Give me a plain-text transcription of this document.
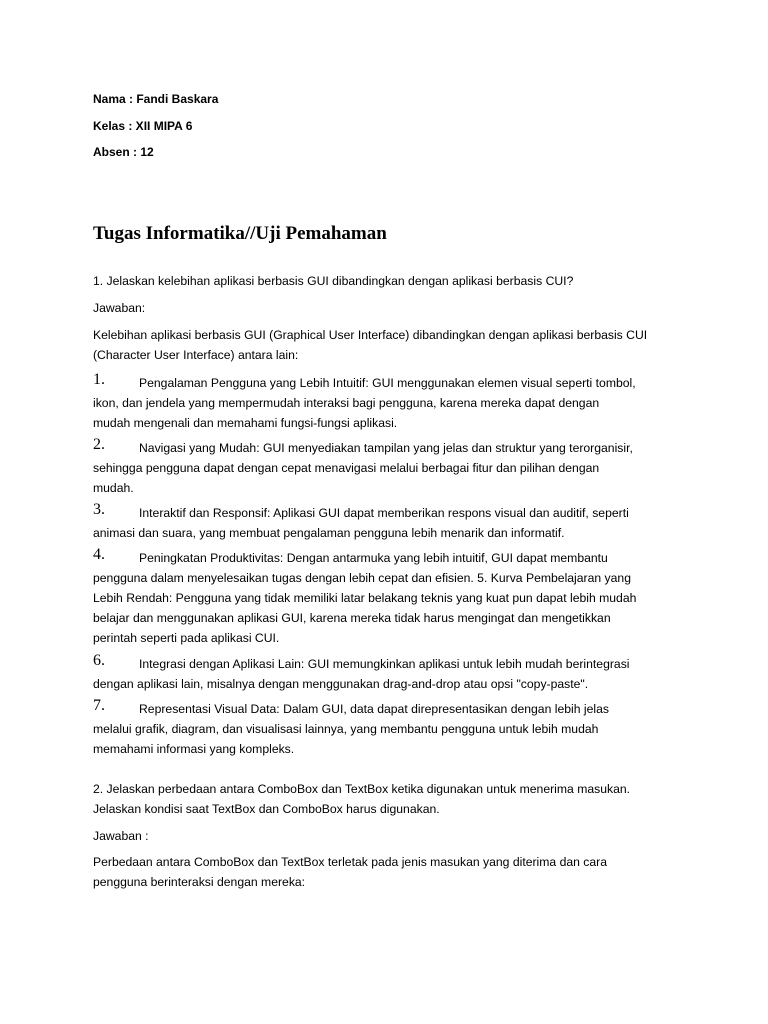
Nama : Fandi Baskara
Kelas : XII MIPA 6
Absen : 12
Tugas Informatika//Uji Pemahaman
1. Jelaskan kelebihan aplikasi berbasis GUI dibandingkan dengan aplikasi berbasis CUI?
Jawaban:
Kelebihan aplikasi berbasis GUI (Graphical User Interface) dibandingkan dengan aplikasi berbasis CUI
(Character User Interface) antara lain:
1.	Pengalaman Pengguna yang Lebih Intuitif: GUI menggunakan elemen visual seperti tombol,
ikon, dan jendela yang mempermudah interaksi bagi pengguna, karena mereka dapat dengan
mudah mengenali dan memahami fungsi-fungsi aplikasi.
2.	Navigasi yang Mudah: GUI menyediakan tampilan yang jelas dan struktur yang terorganisir,
sehingga pengguna dapat dengan cepat menavigasi melalui berbagai fitur dan pilihan dengan
mudah.
3.	Interaktif dan Responsif: Aplikasi GUI dapat memberikan respons visual dan auditif, seperti
animasi dan suara, yang membuat pengalaman pengguna lebih menarik dan informatif.
4.	Peningkatan Produktivitas: Dengan antarmuka yang lebih intuitif, GUI dapat membantu
pengguna dalam menyelesaikan tugas dengan lebih cepat dan efisien. 5. Kurva Pembelajaran yang
Lebih Rendah: Pengguna yang tidak memiliki latar belakang teknis yang kuat pun dapat lebih mudah
belajar dan menggunakan aplikasi GUI, karena mereka tidak harus mengingat dan mengetikkan
perintah seperti pada aplikasi CUI.
6.	Integrasi dengan Aplikasi Lain: GUI memungkinkan aplikasi untuk lebih mudah berintegrasi
dengan aplikasi lain, misalnya dengan menggunakan drag-and-drop atau opsi "copy-paste".
7.	Representasi Visual Data: Dalam GUI, data dapat direpresentasikan dengan lebih jelas
melalui grafik, diagram, dan visualisasi lainnya, yang membantu pengguna untuk lebih mudah
memahami informasi yang kompleks.
2. Jelaskan perbedaan antara ComboBox dan TextBox ketika digunakan untuk menerima masukan.
Jelaskan kondisi saat TextBox dan ComboBox harus digunakan.
Jawaban :
Perbedaan antara ComboBox dan TextBox terletak pada jenis masukan yang diterima dan cara
pengguna berinteraksi dengan mereka:
